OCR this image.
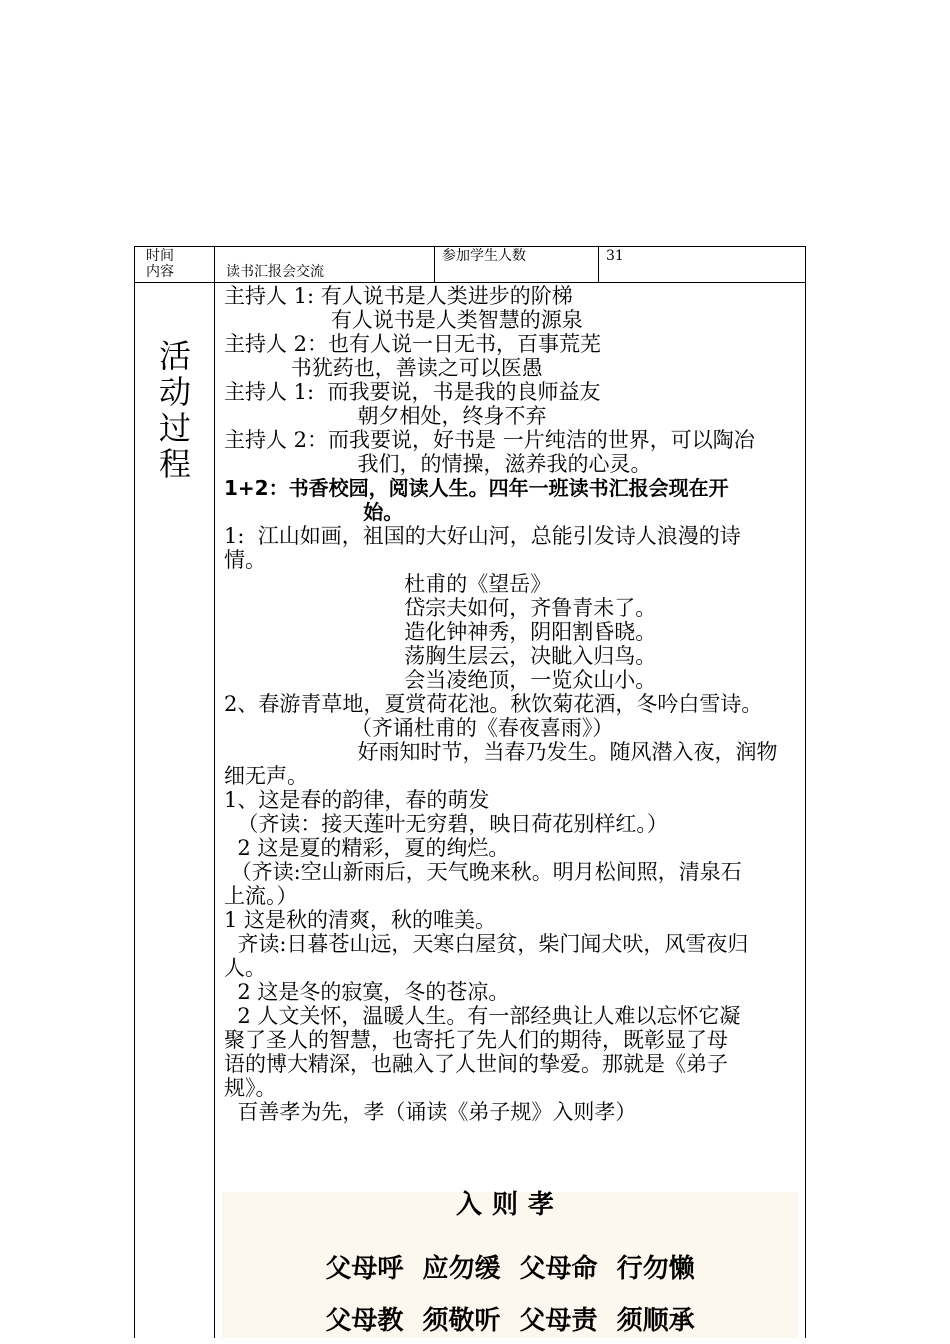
时间
内容	读书汇报会交流
参加学生人数	31
活
动
过
程

主持人 1: 有人说书是人类进步的阶梯

有人说书是人类智慧的源泉

主持人 2：也有人说一日无书，百事荒芜

书犹药也，善读之可以医愚

主持人 1:  而我要说，书是我的良师益友

朝夕相处，终身不弃

主持人 2：而我要说，好书是 一片纯洁的世界，可以陶冶

我们，的情操，滋养我的心灵。

1+2：书香校园，阅读人生。四年一班读书汇报会现在开

始。

1:  江山如画，祖国的大好山河，总能引发诗人浪漫的诗

情。

杜甫的《望岳》

岱宗夫如何，齐鲁青未了。

造化钟神秀，阴阳割昏晓。

荡胸生层云，决眦入归鸟。

会当凌绝顶，一览众山小。

2、春游青草地，夏赏荷花池。秋饮菊花酒，冬吟白雪诗。

（齐诵杜甫的《春夜喜雨》）

好雨知时节，当春乃发生。随风潜入夜，润物

细无声。

1、这是春的韵律，春的萌发

（齐读：接天莲叶无穷碧，映日荷花别样红。）

2 这是夏的精彩，夏的绚烂。

（齐读:空山新雨后，天气晚来秋。明月松间照，清泉石

上流。）

1 这是秋的清爽，秋的唯美。

齐读:日暮苍山远，天寒白屋贫，柴门闻犬吠，风雪夜归

人。

2 这是冬的寂寞，冬的苍凉。

2 人文关怀，温暖人生。有一部经典让人难以忘怀它凝

聚了圣人的智慧，也寄托了先人们的期待，既彰显了母

语的博大精深，也融入了人世间的挚爱。那就是《弟子

规》。

百善孝为先，孝（诵读《弟子规》入则孝）

入则孝
父母呼 应勿缓 父母命 行勿懒
父母教 须敬听 父母责 须顺承
